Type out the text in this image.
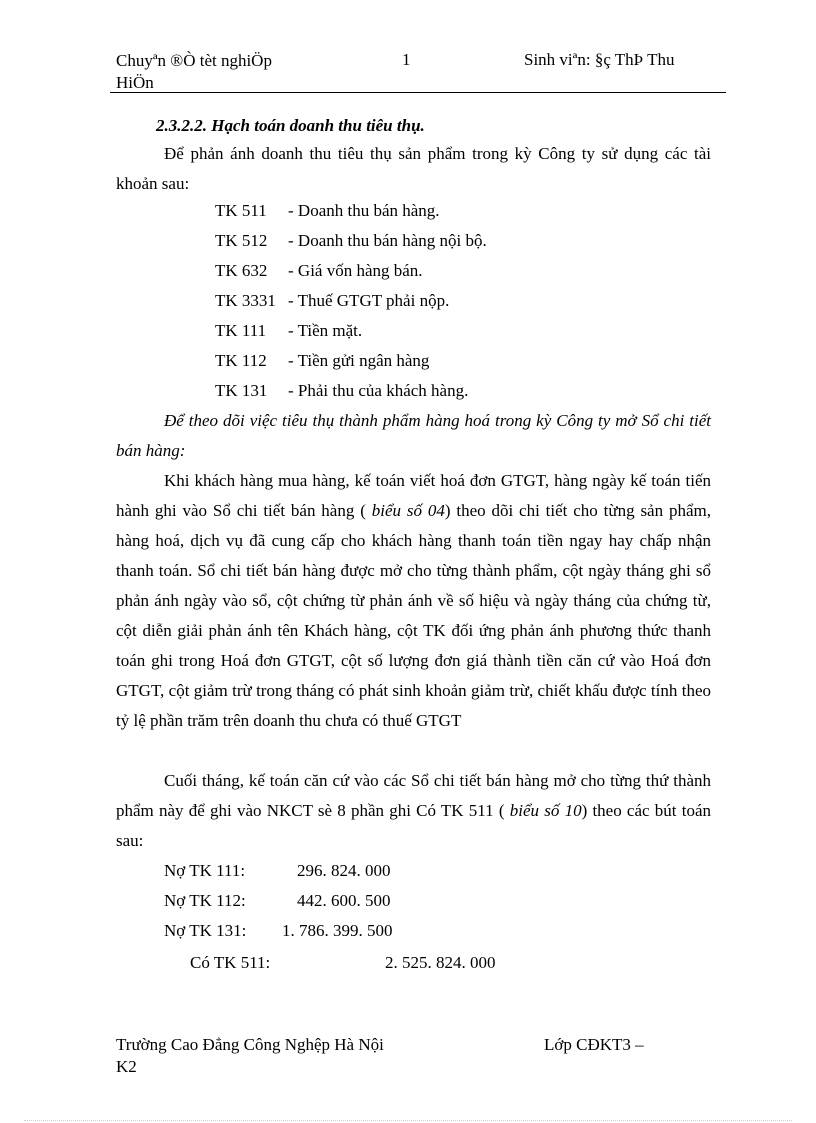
Chuyªn ®Ò tèt nghiÖp
HiÖn
1	Sinh viªn: §ç ThÞ Thu
2.3.2.2. Hạch toán doanh thu tiêu thụ.

Để phản ánh doanh thu tiêu thụ sản phẩm trong kỳ Công ty sử dụng các tài khoản sau:

TK 511 - Doanh thu bán hàng.
TK 512 - Doanh thu bán hàng nội bộ.
TK 632 - Giá vốn hàng bán.
TK 3331 - Thuế GTGT phải nộp.
TK 111 - Tiền mặt.
TK 112 - Tiền gửi ngân hàng
TK 131 - Phải thu của khách hàng.

Để theo dõi việc tiêu thụ thành phẩm hàng hoá trong kỳ Công ty mở Sổ chi tiết bán hàng:

Khi khách hàng mua hàng, kế toán viết hoá đơn GTGT, hàng ngày kế toán tiến hành ghi vào Sổ chi tiết bán hàng ( biểu số 04) theo dõi chi tiết cho từng sản phẩm, hàng hoá, dịch vụ đã cung cấp cho khách hàng thanh toán tiền ngay hay chấp nhận thanh toán. Sổ chi tiết bán hàng được mở cho từng thành phẩm, cột ngày tháng ghi sổ phản ánh ngày vào sổ, cột chứng từ phản ánh về số hiệu và ngày tháng của chứng từ, cột diễn giải phản ánh tên Khách hàng, cột TK đối ứng phản ánh phương thức thanh toán ghi trong Hoá đơn GTGT, cột số lượng đơn giá thành tiền căn cứ vào Hoá đơn GTGT, cột giảm trừ trong tháng có phát sinh khoản giảm trừ, chiết khấu được tính theo tỷ lệ phần trăm trên doanh thu chưa có thuế GTGT

Cuối tháng, kế toán căn cứ vào các Sổ chi tiết bán hàng mở cho từng thứ thành phẩm này để ghi vào NKCT sè 8 phần ghi Có TK 511 ( biểu số 10) theo các bút toán sau:

Nợ TK 111:	296. 824. 000
Nợ TK 112:	442. 600. 500
Nợ TK 131: 1. 786. 399. 500
Có TK 511:	2. 525. 824. 000
Trường Cao Đẳng Công Nghệp Hà Nội	Lớp CĐKT3 –
K2
